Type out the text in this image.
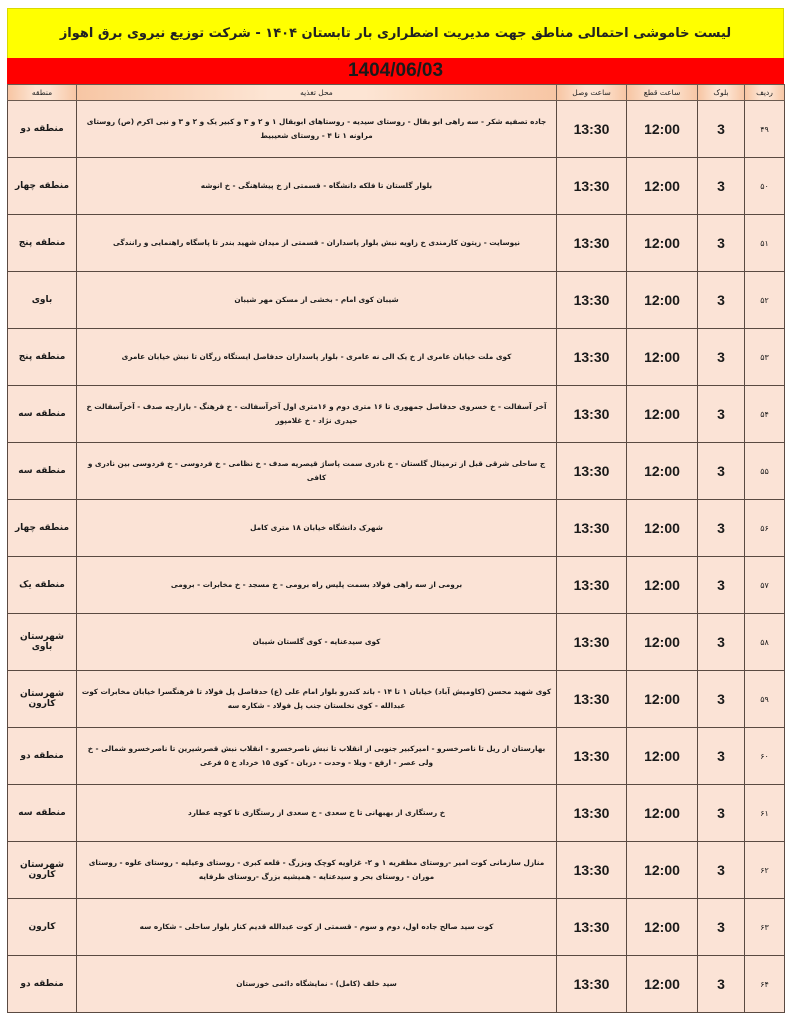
لیست خاموشی احتمالی مناطق جهت مدیریت اضطراری بار تابستان ۱۴۰۴ - شرکت توزیع نیروی برق اهواز
1404/06/03
ردیف	بلوک	ساعت قطع	ساعت وصل	محل تغذیه	منطقه
۴۹	3	12:00	13:30	جاده تصفیه شکر - سه راهی ابو بقال - روستای سیدیه - روستاهای ابوبقال ۱ و ۲ و ۳ و کبیر یک و ۲ و ۳ و نبی اکرم (ص) روستای مراونه ۱ تا ۴ - روستای شعیبیط	منطقه دو
۵۰	3	12:00	13:30	بلوار گلستان تا فلکه دانشگاه - قسمتی از خ پیشاهنگی - خ انوشه	منطقه چهار
۵۱	3	12:00	13:30	نیوسایت - زیتون کارمندی خ زاویه نبش بلوار پاسداران - قسمتی از میدان شهید بندر تا پاسگاه راهنمایی و رانندگی	منطقه پنج
۵۲	3	12:00	13:30	شیبان کوی امام - بخشی از مسکن مهر شیبان	باوی
۵۳	3	12:00	13:30	کوی ملت خیابان عامری از خ یک الی نه عامری - بلوار پاسداران حدفاصل ایستگاه زرگان تا نبش خیابان عامری	منطقه پنج
۵۴	3	12:00	13:30	آخر آسفالت - خ خسروی حدفاصل جمهوری تا ۱۶ متری دوم و ۱۶متری اول آخرآسفالت - خ فرهنگ - بازارچه صدف - آخرآسفالت خ حیدری نژاد - خ غلامپور	منطقه سه
۵۵	3	12:00	13:30	ج ساحلی شرقی قبل از ترمینال گلستان - خ نادری سمت پاساژ قیصریه صدف - خ نظامی - خ فردوسی - خ فردوسی بین نادری و کافی	منطقه سه
۵۶	3	12:00	13:30	شهرک دانشگاه خیابان ۱۸ متری کامل	منطقه چهار
۵۷	3	12:00	13:30	برومی از سه راهی فولاد بسمت پلیس راه برومی - خ مسجد - خ مخابرات - برومی	منطقه یک
۵۸	3	12:00	13:30	کوی سیدعنایه - کوی گلستان شیبان	شهرستان باوی
۵۹	3	12:00	13:30	کوی شهید محسن (کاومیش آباد) خیابان ۱ تا ۱۴ - باند کندرو بلوار امام علی (ع) حدفاصل پل فولاد تا فرهنگسرا خیابان مخابرات کوت عبدالله - کوی نخلستان جنب پل فولاد - شکاره سه	شهرستان کارون
۶۰	3	12:00	13:30	بهارستان از ریل تا ناصرخسرو - امیرکبیر جنوبی از انقلاب تا نبش ناصرخسرو - انقلاب نبش قصرشیرین تا ناصرخسرو شمالی - خ ولی عصر - ارفع - ویلا - وحدت - دزبان - کوی ۱۵ خرداد خ ۵ فرعی	منطقه دو
۶۱	3	12:00	13:30	خ رستگاری از بهبهانی تا خ سعدی - خ سعدی از رستگاری تا کوچه عطارد	منطقه سه
۶۲	3	12:00	13:30	منازل سازمانی کوت امیر -روستای مظفریه ۱ و ۲- غزاویه کوچک وبزرگ - قلعه کبری - روستای وعیلیه - روستای علوه - روستای موران - روستای بحر و سیدعنایه - همیشیه بزرگ -روستای طرفایه	شهرستان کارون
۶۳	3	12:00	13:30	کوت سید صالح جاده اول، دوم و سوم - قسمتی از کوت عبدالله قدیم کنار بلوار ساحلی - شکاره سه	کارون
۶۴	3	12:00	13:30	سید خلف (کامل) - نمایشگاه دائمی خوزستان	منطقه دو
